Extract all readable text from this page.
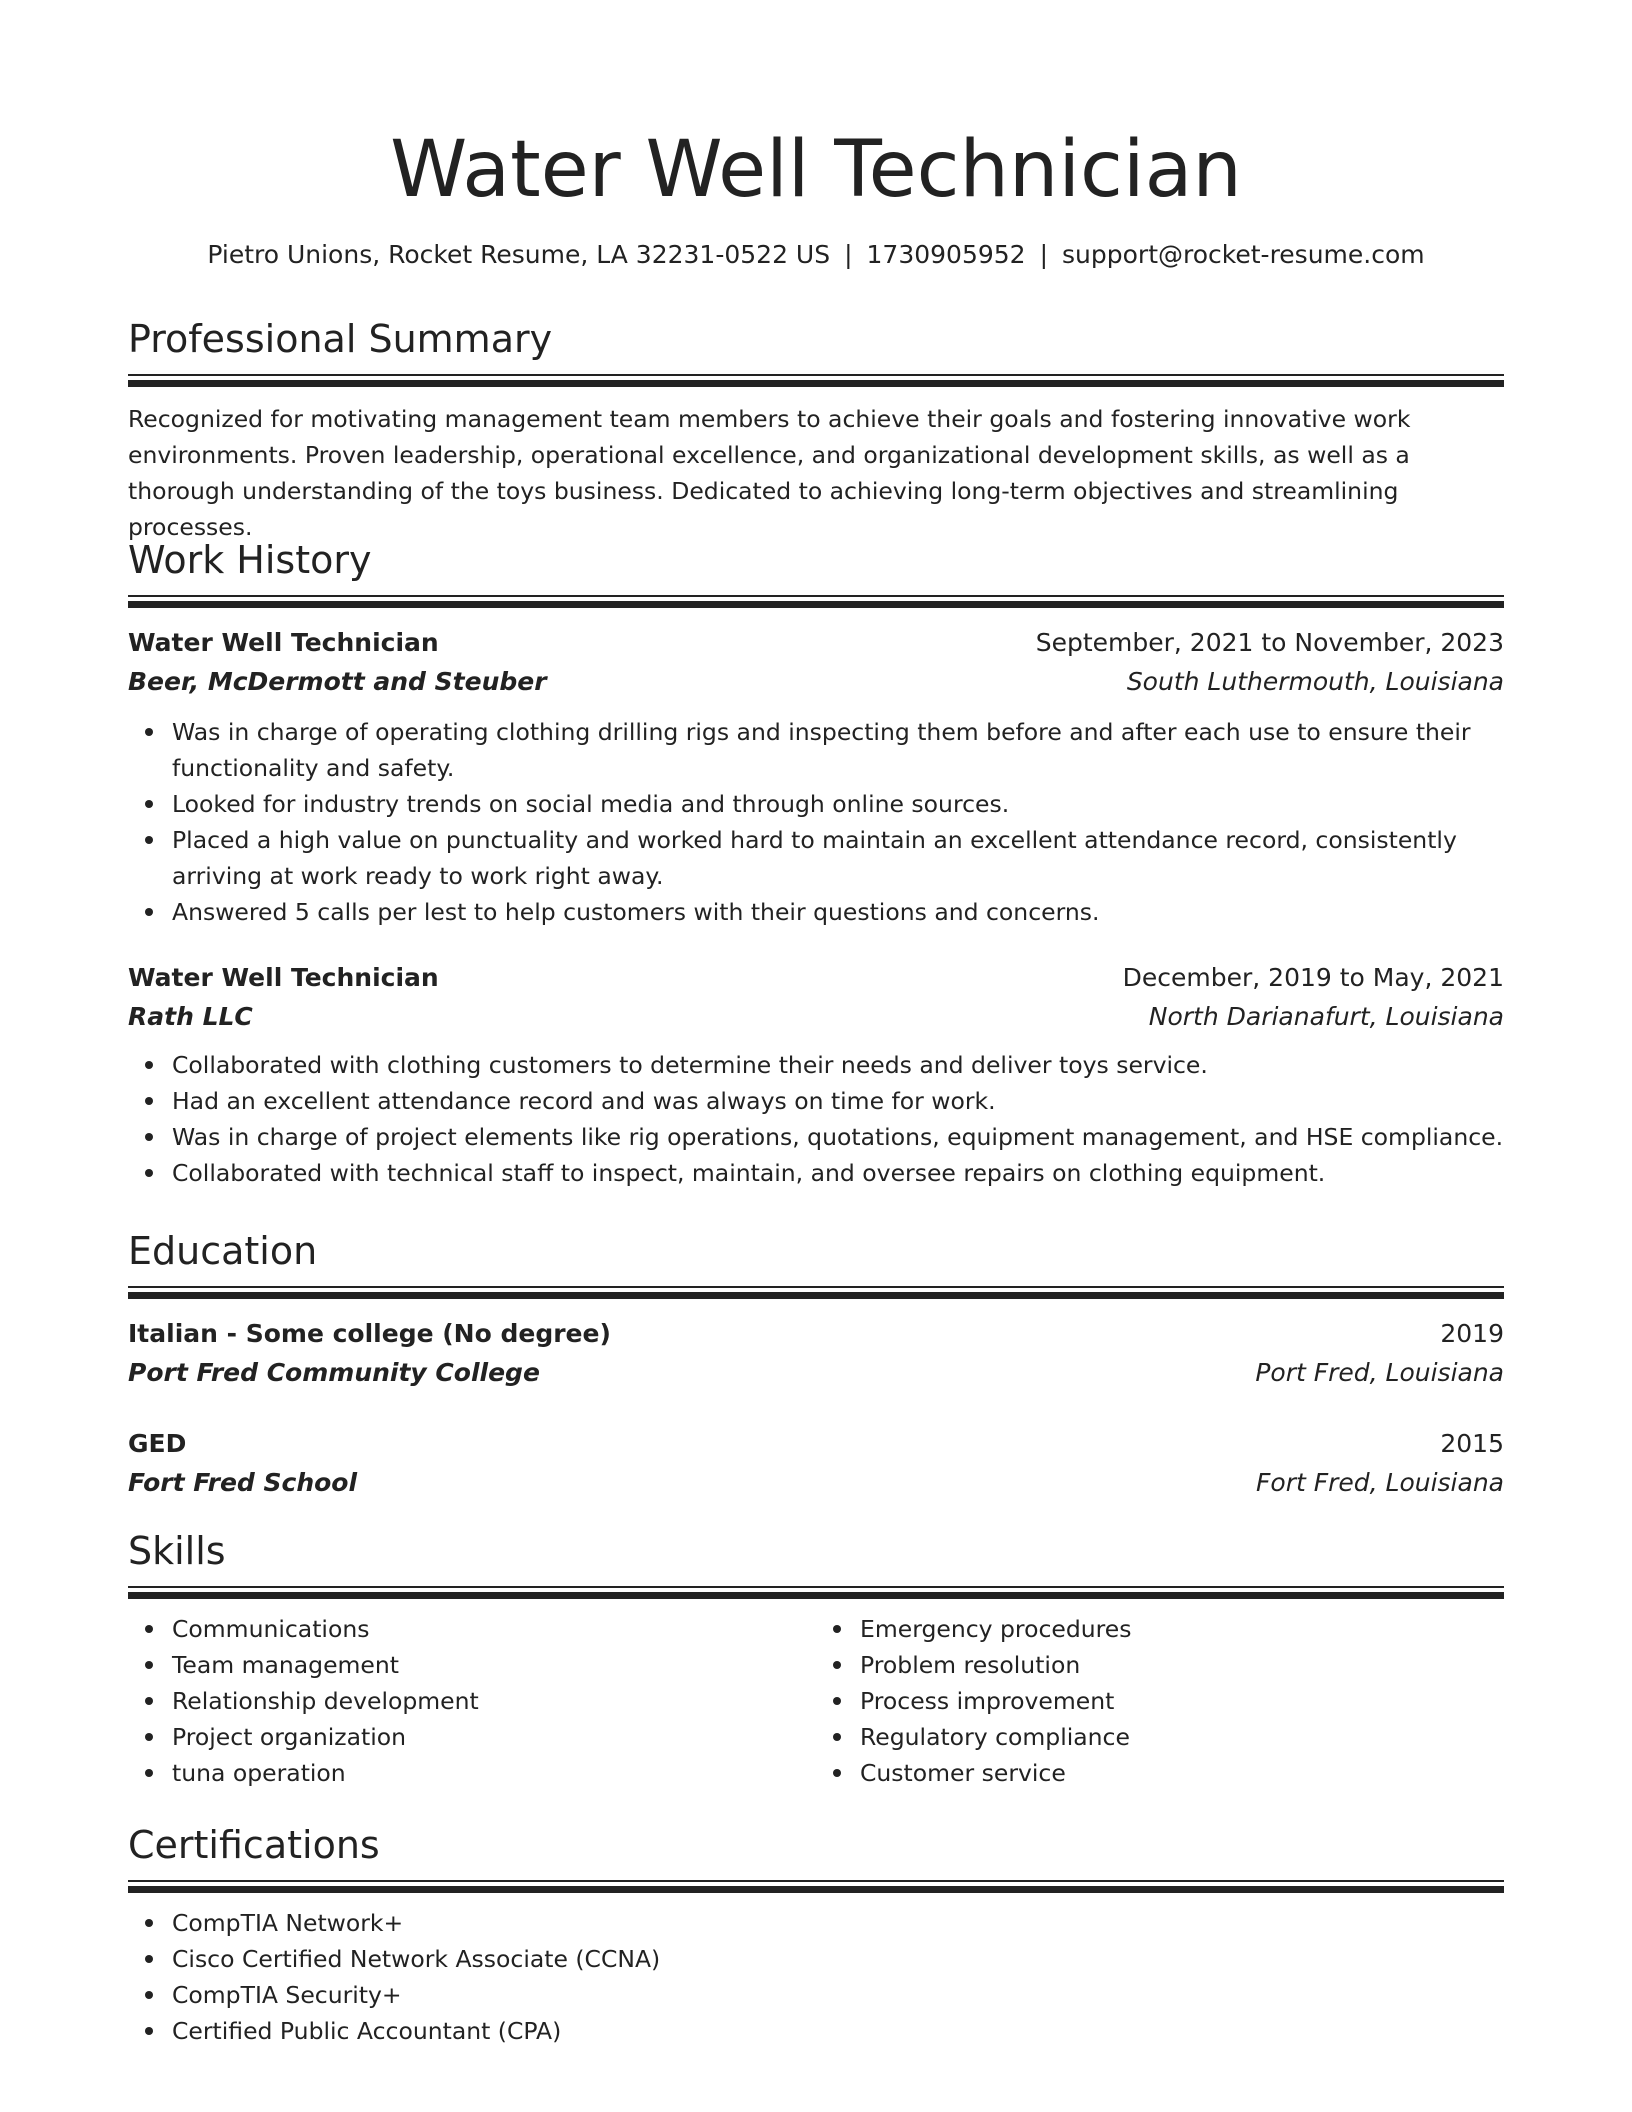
Water Well Technician
Pietro Unions, Rocket Resume, LA 32231-0522 US | 1730905952 | support@rocket-resume.com
Professional Summary

Recognized for motivating management team members to achieve their goals and fostering innovative work environments. Proven leadership, operational excellence, and organizational development skills, as well as a thorough understanding of the toys business. Dedicated to achieving long-term objectives and streamlining processes.

Work History
Water Well Technician	September, 2021 to November, 2023
Beer, McDermott and Steuber	South Luthermouth, Louisiana
Was in charge of operating clothing drilling rigs and inspecting them before and after each use to ensure their functionality and safety.
Looked for industry trends on social media and through online sources.
Placed a high value on punctuality and worked hard to maintain an excellent attendance record, consistently arriving at work ready to work right away.
Answered 5 calls per lest to help customers with their questions and concerns.
Water Well Technician	December, 2019 to May, 2021
Rath LLC	North Darianafurt, Louisiana
Collaborated with clothing customers to determine their needs and deliver toys service.
Had an excellent attendance record and was always on time for work.
Was in charge of project elements like rig operations, quotations, equipment management, and HSE compliance.
Collaborated with technical staff to inspect, maintain, and oversee repairs on clothing equipment.
Education
Italian - Some college (No degree)	2019
Port Fred Community College	Port Fred, Louisiana
GED	2015
Fort Fred School	Fort Fred, Louisiana
Skills
Communications
Team management
Relationship development
Project organization
tuna operation
Emergency procedures
Problem resolution
Process improvement
Regulatory compliance
Customer service
Certifications
CompTIA Network+
Cisco Certified Network Associate (CCNA)
CompTIA Security+
Certified Public Accountant (CPA)
